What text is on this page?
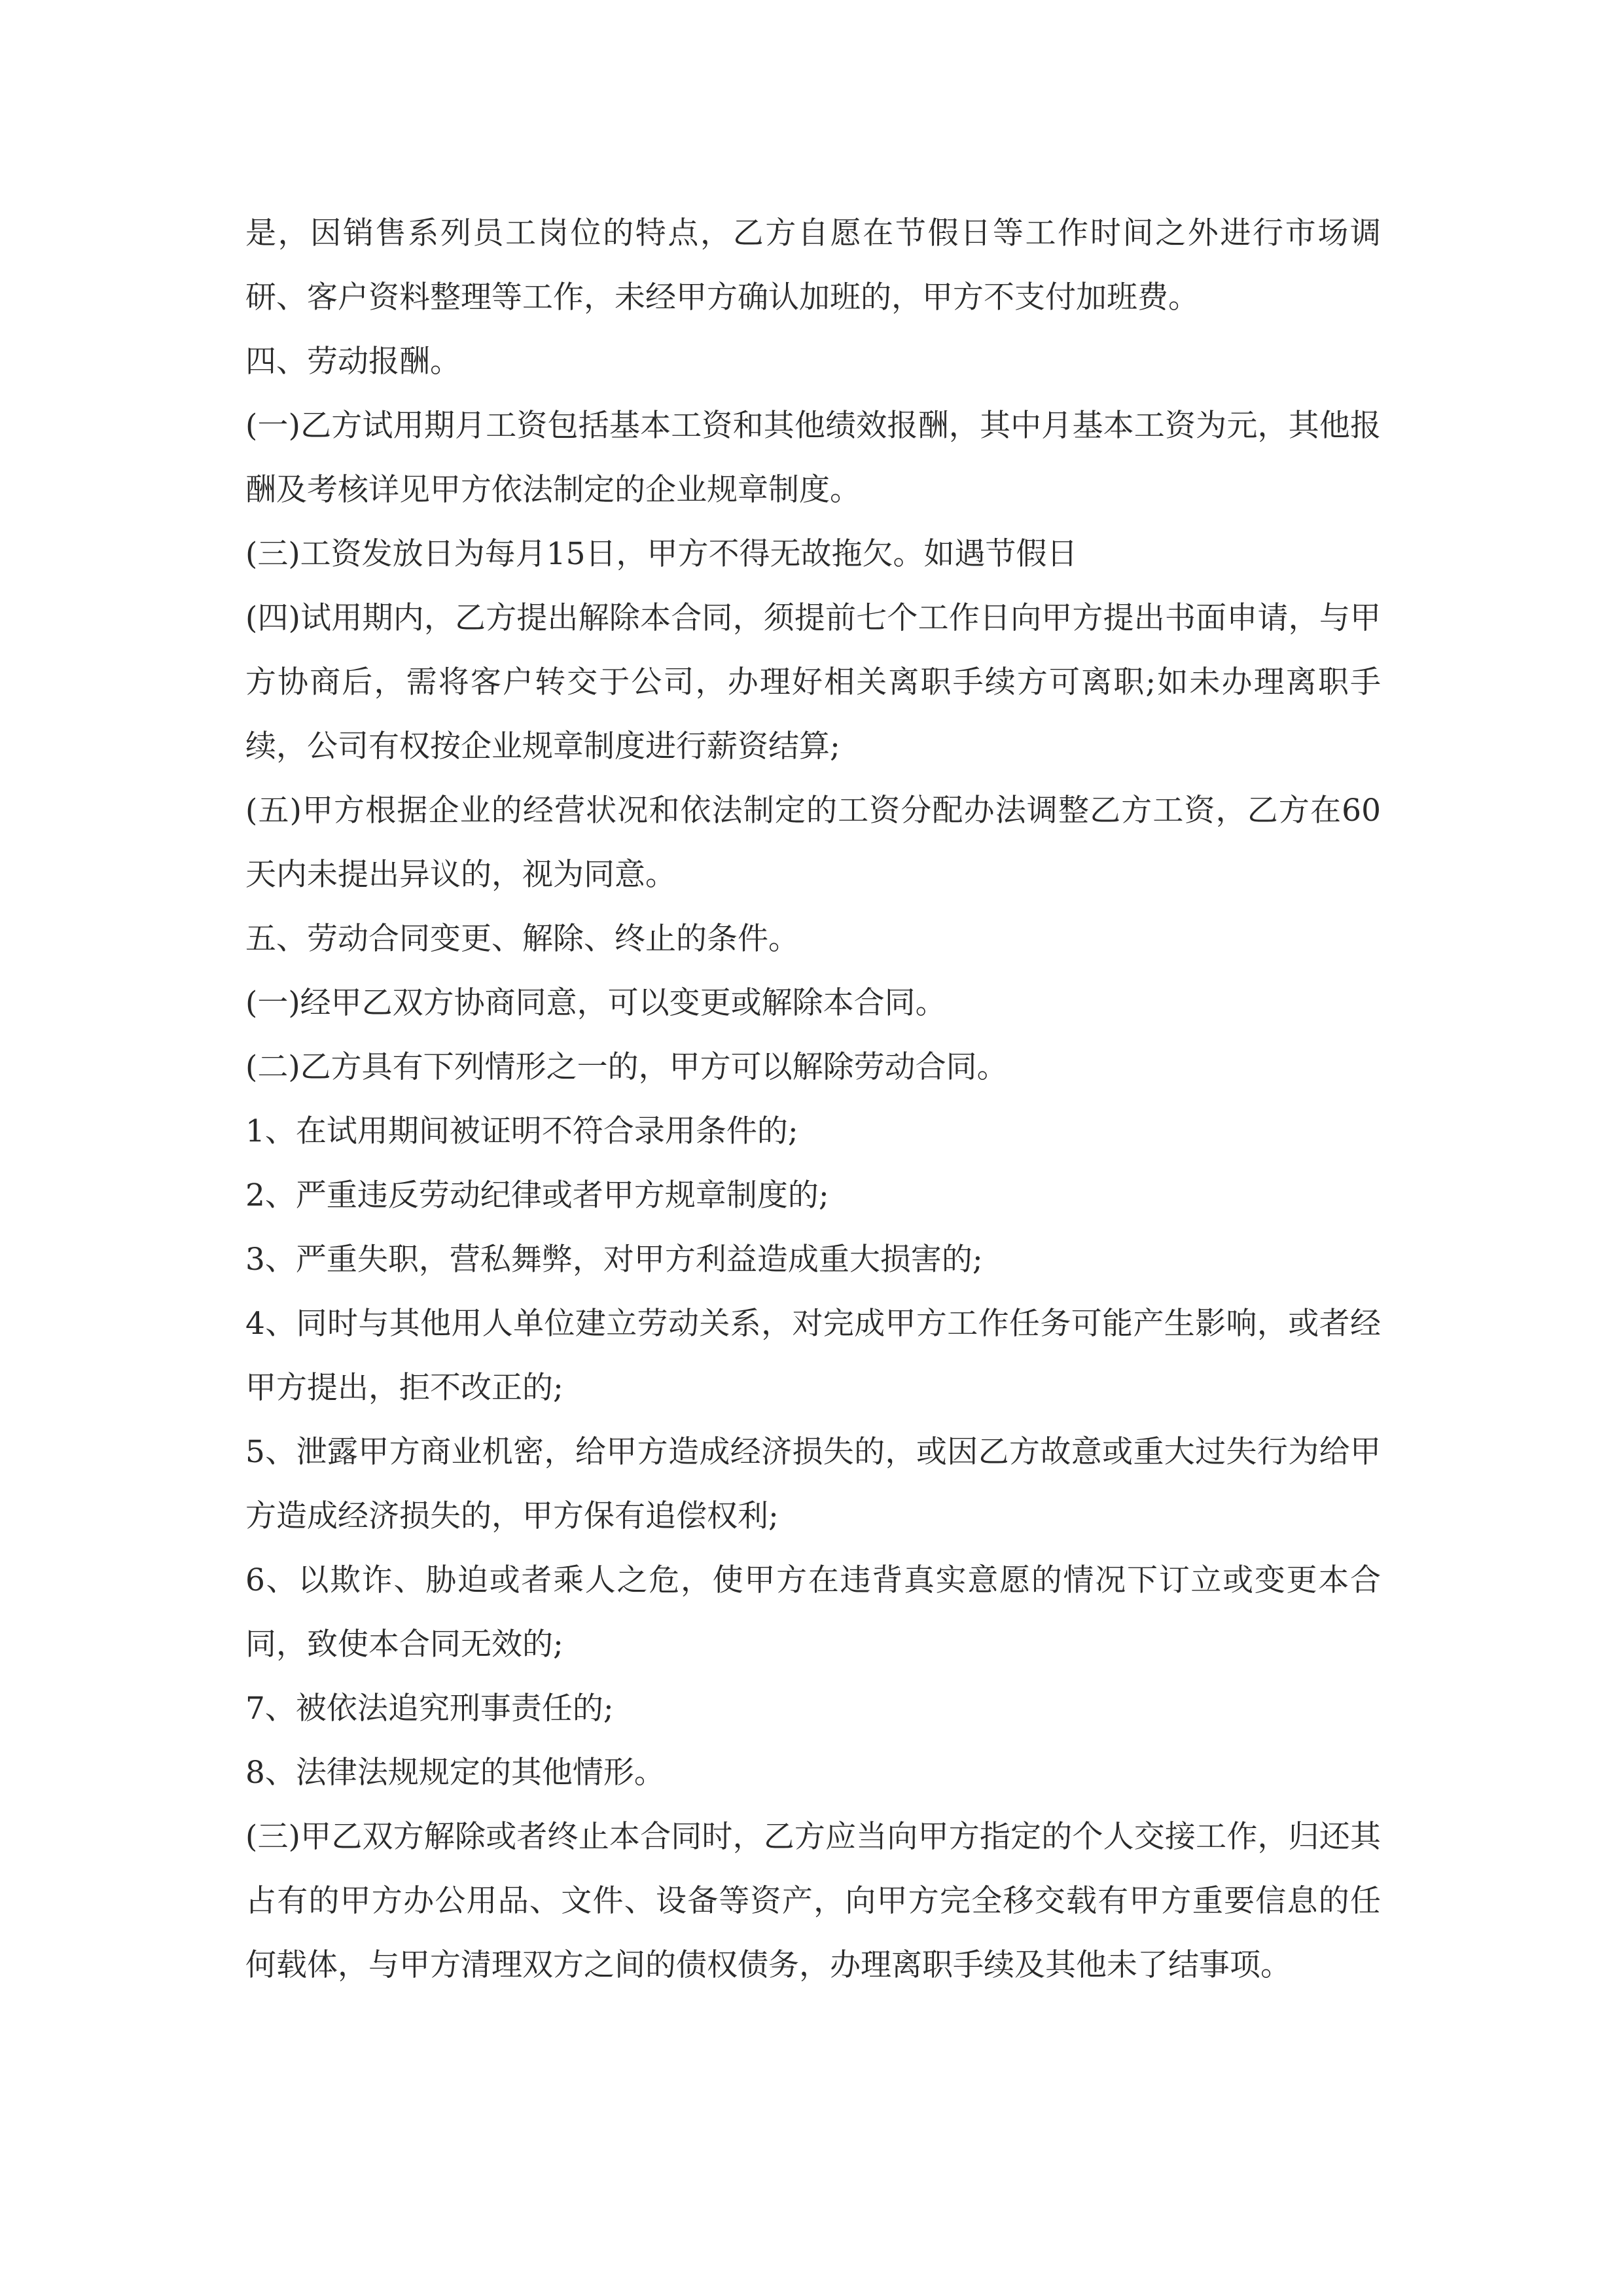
是，因销售系列员工岗位的特点，乙方自愿在节假日等工作时间之外进行市场调研、客户资料整理等工作，未经甲方确认加班的，甲方不支付加班费。

四、劳动报酬。

(一)乙方试用期月工资包括基本工资和其他绩效报酬，其中月基本工资为元，其他报酬及考核详见甲方依法制定的企业规章制度。

(三)工资发放日为每月15日，甲方不得无故拖欠。如遇节假日

(四)试用期内，乙方提出解除本合同，须提前七个工作日向甲方提出书面申请，与甲方协商后，需将客户转交于公司，办理好相关离职手续方可离职;如未办理离职手续，公司有权按企业规章制度进行薪资结算;

(五)甲方根据企业的经营状况和依法制定的工资分配办法调整乙方工资，乙方在60天内未提出异议的，视为同意。

五、劳动合同变更、解除、终止的条件。

(一)经甲乙双方协商同意，可以变更或解除本合同。

(二)乙方具有下列情形之一的，甲方可以解除劳动合同。

1、在试用期间被证明不符合录用条件的;

2、严重违反劳动纪律或者甲方规章制度的;

3、严重失职，营私舞弊，对甲方利益造成重大损害的;

4、同时与其他用人单位建立劳动关系，对完成甲方工作任务可能产生影响，或者经甲方提出，拒不改正的;

5、泄露甲方商业机密，给甲方造成经济损失的，或因乙方故意或重大过失行为给甲方造成经济损失的，甲方保有追偿权利;

6、以欺诈、胁迫或者乘人之危，使甲方在违背真实意愿的情况下订立或变更本合同，致使本合同无效的;

7、被依法追究刑事责任的;

8、法律法规规定的其他情形。

(三)甲乙双方解除或者终止本合同时，乙方应当向甲方指定的个人交接工作，归还其占有的甲方办公用品、文件、设备等资产，向甲方完全移交载有甲方重要信息的任何载体，与甲方清理双方之间的债权债务，办理离职手续及其他未了结事项。
